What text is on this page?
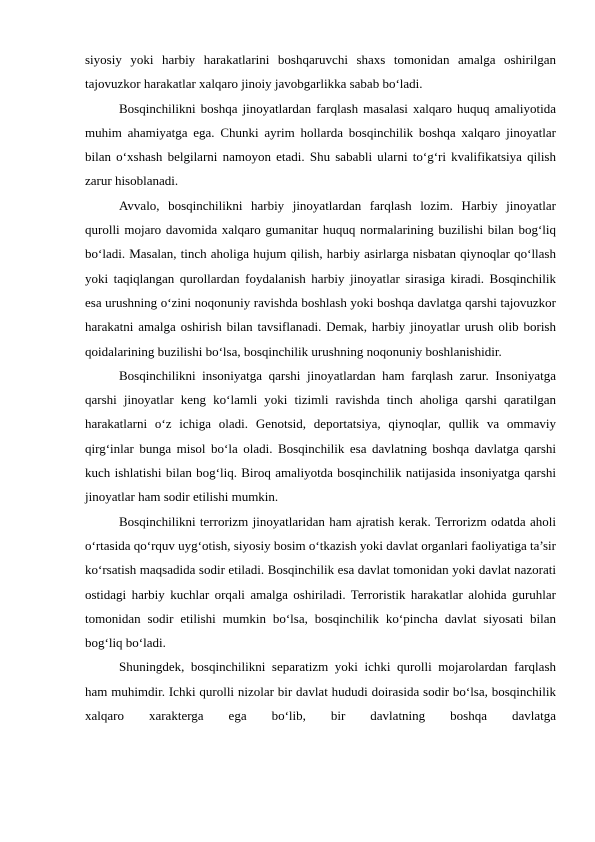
siyosiy yoki harbiy harakatlarini boshqaruvchi shaxs tomonidan amalga oshirilgan tajovuzkor harakatlar xalqaro jinoiy javobgarlikka sabab bo‘ladi.

Bosqinchilikni boshqa jinoyatlardan farqlash masalasi xalqaro huquq amaliyotida muhim ahamiyatga ega. Chunki ayrim hollarda bosqinchilik boshqa xalqaro jinoyatlar bilan o‘xshash belgilarni namoyon etadi. Shu sababli ularni to‘g‘ri kvalifikatsiya qilish zarur hisoblanadi.

Avvalo, bosqinchilikni harbiy jinoyatlardan farqlash lozim. Harbiy jinoyatlar qurolli mojaro davomida xalqaro gumanitar huquq normalarining buzilishi bilan bog‘liq bo‘ladi. Masalan, tinch aholiga hujum qilish, harbiy asirlarga nisbatan qiynoqlar qo‘llash yoki taqiqlangan qurollardan foydalanish harbiy jinoyatlar sirasiga kiradi. Bosqinchilik esa urushning o‘zini noqonuniy ravishda boshlash yoki boshqa davlatga qarshi tajovuzkor harakatni amalga oshirish bilan tavsiflanadi. Demak, harbiy jinoyatlar urush olib borish qoidalarining buzilishi bo‘lsa, bosqinchilik urushning noqonuniy boshlanishidir.

Bosqinchilikni insoniyatga qarshi jinoyatlardan ham farqlash zarur. Insoniyatga qarshi jinoyatlar keng ko‘lamli yoki tizimli ravishda tinch aholiga qarshi qaratilgan harakatlarni o‘z ichiga oladi. Genotsid, deportatsiya, qiynoqlar, qullik va ommaviy qirg‘inlar bunga misol bo‘la oladi. Bosqinchilik esa davlatning boshqa davlatga qarshi kuch ishlatishi bilan bog‘liq. Biroq amaliyotda bosqinchilik natijasida insoniyatga qarshi jinoyatlar ham sodir etilishi mumkin.

Bosqinchilikni terrorizm jinoyatlaridan ham ajratish kerak. Terrorizm odatda aholi o‘rtasida qo‘rquv uyg‘otish, siyosiy bosim o‘tkazish yoki davlat organlari faoliyatiga ta’sir ko‘rsatish maqsadida sodir etiladi. Bosqinchilik esa davlat tomonidan yoki davlat nazorati ostidagi harbiy kuchlar orqali amalga oshiriladi. Terroristik harakatlar alohida guruhlar tomonidan sodir etilishi mumkin bo‘lsa, bosqinchilik ko‘pincha davlat siyosati bilan bog‘liq bo‘ladi.

Shuningdek, bosqinchilikni separatizm yoki ichki qurolli mojarolardan farqlash ham muhimdir. Ichki qurolli nizolar bir davlat hududi doirasida sodir bo‘lsa, bosqinchilik xalqaro xarakterga ega bo‘lib, bir davlatning boshqa davlatga
